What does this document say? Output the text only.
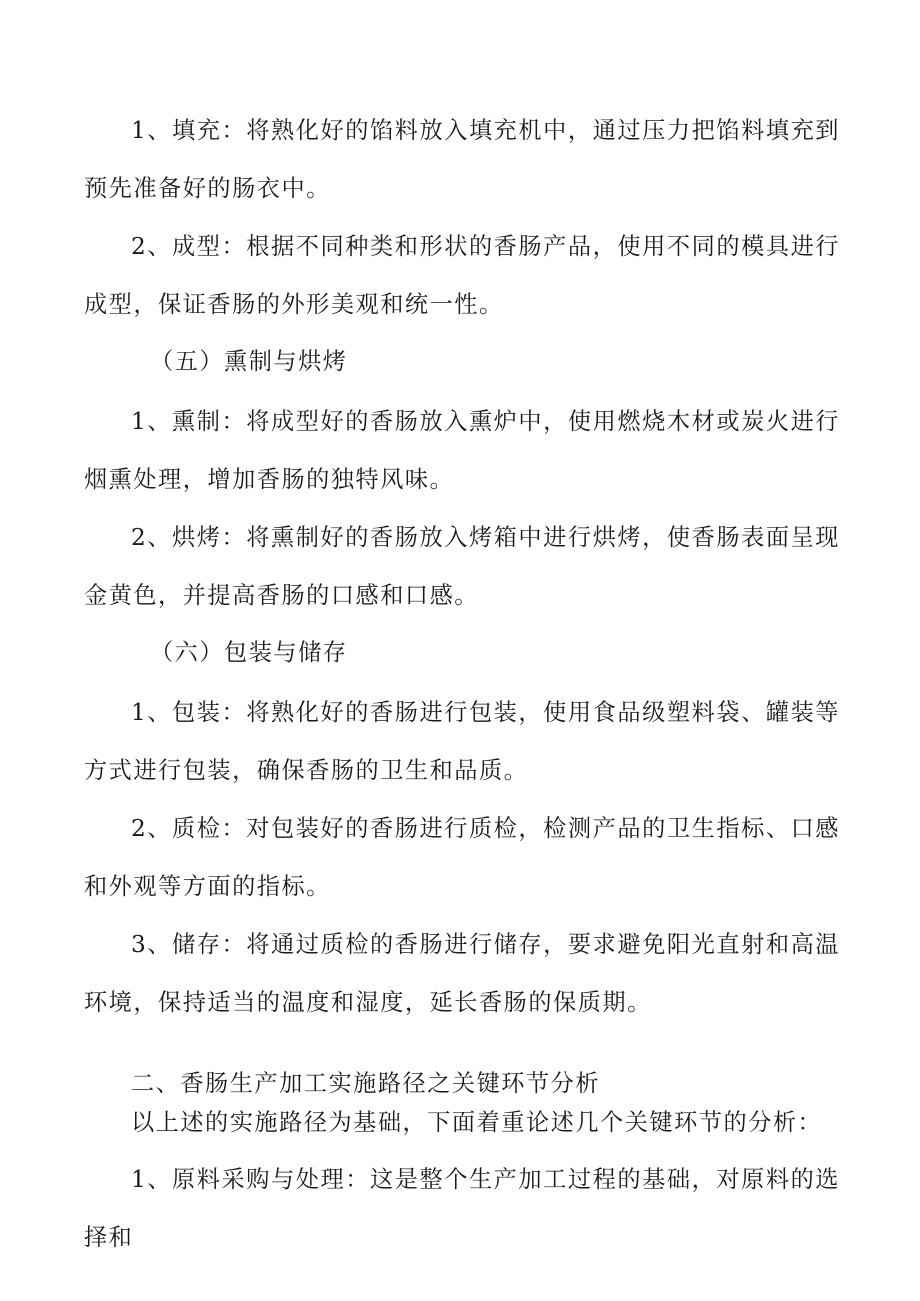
1、填充：将熟化好的馅料放入填充机中，通过压力把馅料填充到预先准备好的肠衣中。

2、成型：根据不同种类和形状的香肠产品，使用不同的模具进行成型，保证香肠的外形美观和统一性。

（五）熏制与烘烤

1、熏制：将成型好的香肠放入熏炉中，使用燃烧木材或炭火进行烟熏处理，增加香肠的独特风味。

2、烘烤：将熏制好的香肠放入烤箱中进行烘烤，使香肠表面呈现金黄色，并提高香肠的口感和口感。

（六）包装与储存

1、包装：将熟化好的香肠进行包装，使用食品级塑料袋、罐装等方式进行包装，确保香肠的卫生和品质。

2、质检：对包装好的香肠进行质检，检测产品的卫生指标、口感和外观等方面的指标。

3、储存：将通过质检的香肠进行储存，要求避免阳光直射和高温环境，保持适当的温度和湿度，延长香肠的保质期。

二、香肠生产加工实施路径之关键环节分析

以上述的实施路径为基础，下面着重论述几个关键环节的分析：

1、原料采购与处理：这是整个生产加工过程的基础，对原料的选择和
